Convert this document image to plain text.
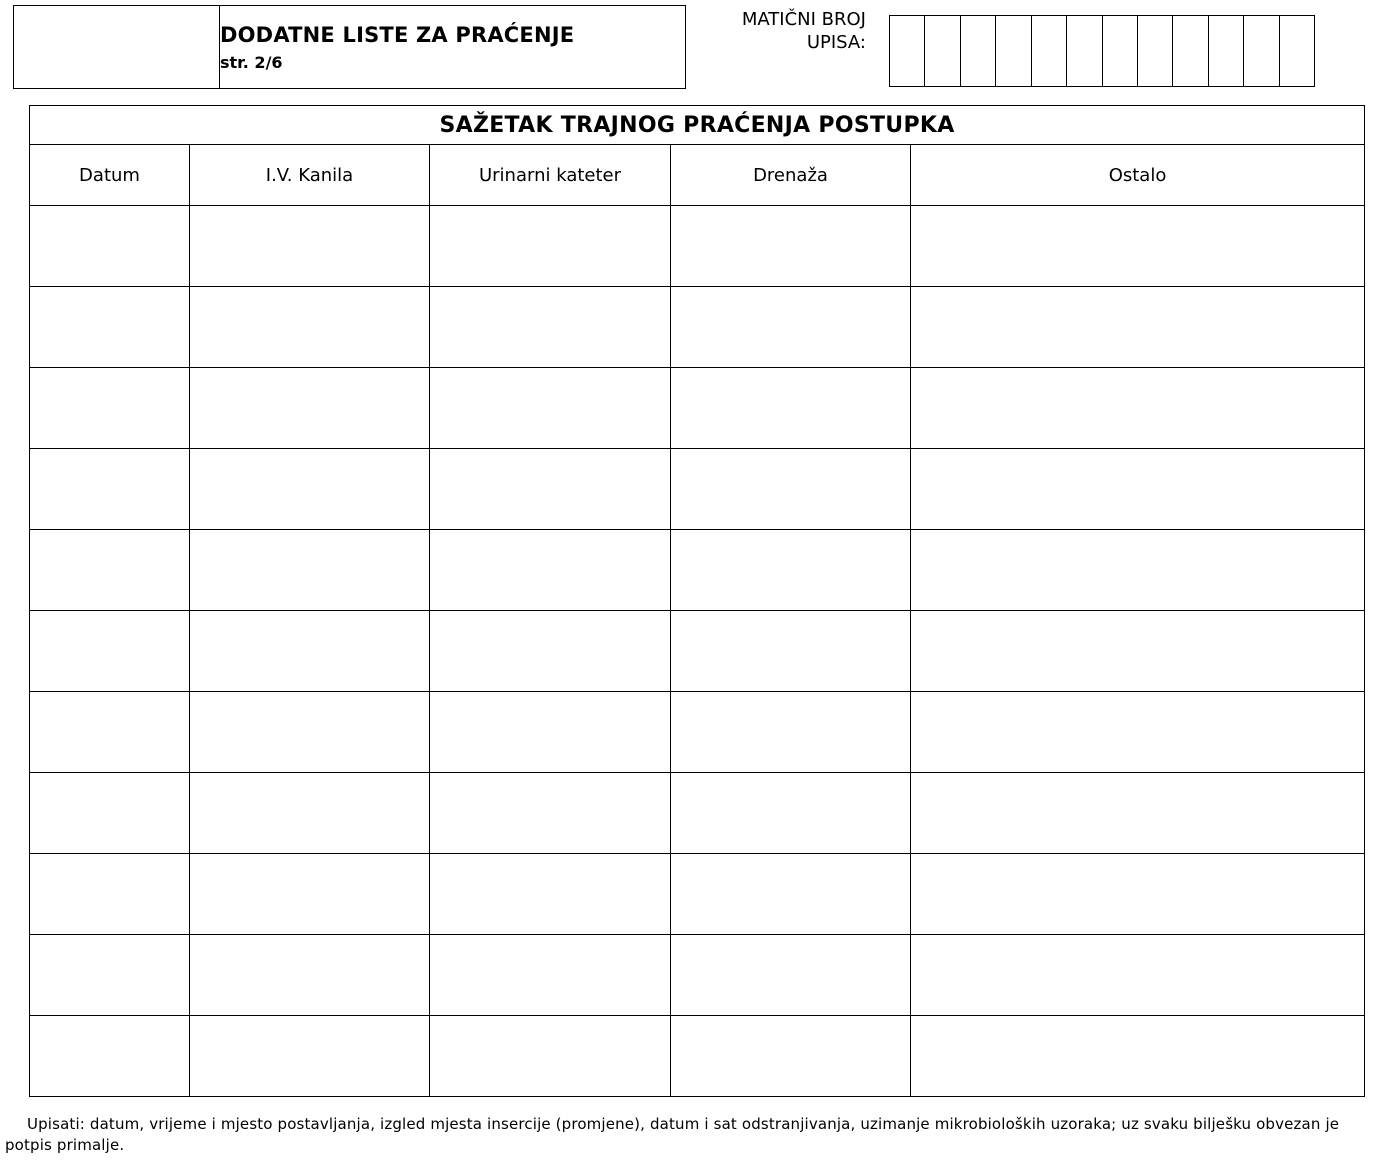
DODATNE LISTE ZA PRAĆENJE
str. 2/6
MATIČNI BROJ
UPISA:
SAŽETAK TRAJNOG PRAĆENJA POSTUPKA				
Datum	I.V. Kanila	Urinarni kateter	Drenaža	Ostalo

Upisati: datum, vrijeme i mjesto postavljanja, izgled mjesta insercije (promjene), datum i sat odstranjivanja, uzimanje mikrobioloških uzoraka; uz svaku bilješku obvezan je potpis primalje.
